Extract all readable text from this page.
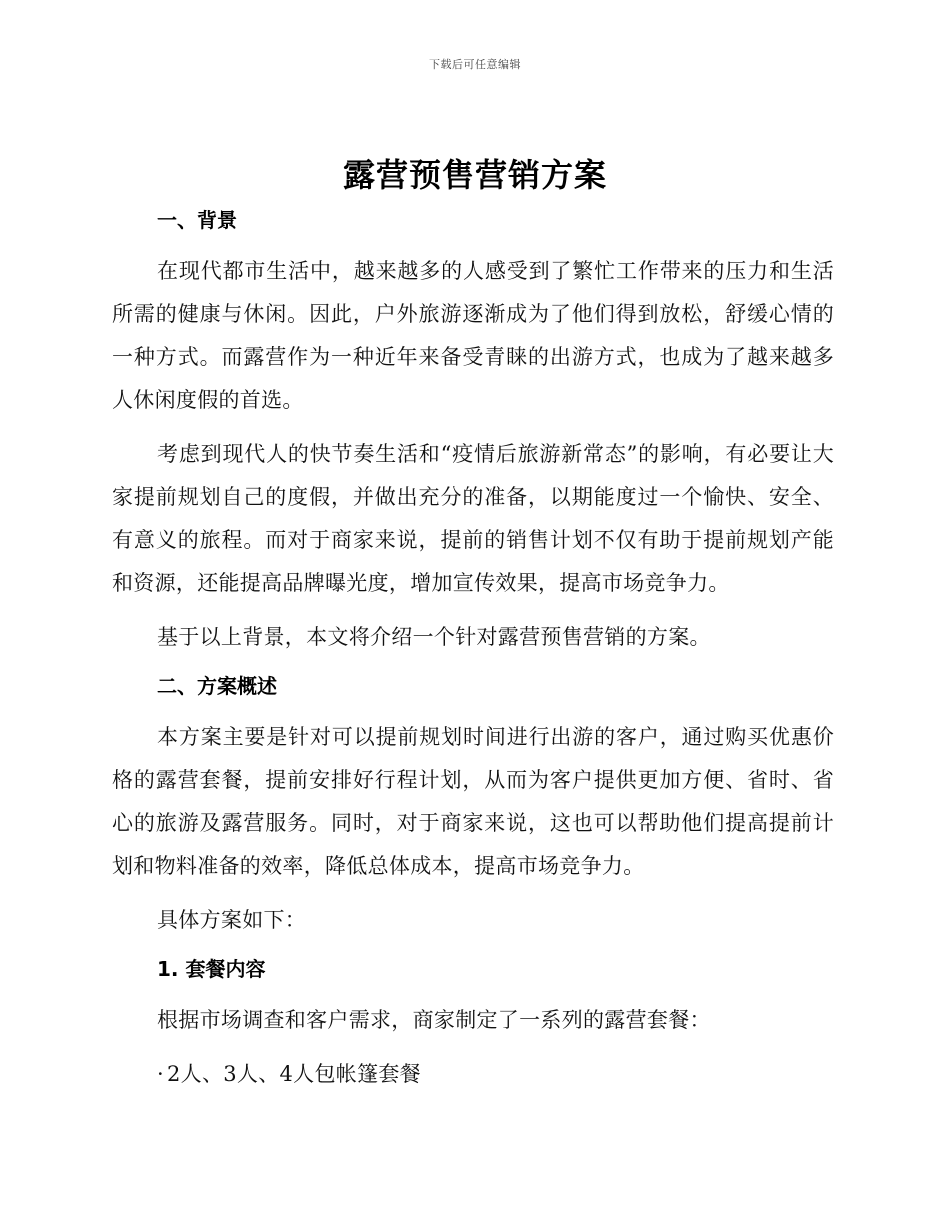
下载后可任意编辑
露营预售营销方案
一、背景

在现代都市生活中，越来越多的人感受到了繁忙工作带来的压力和生活所需的健康与休闲。因此，户外旅游逐渐成为了他们得到放松，舒缓心情的一种方式。而露营作为一种近年来备受青睐的出游方式，也成为了越来越多人休闲度假的首选。

考虑到现代人的快节奏生活和“疫情后旅游新常态”的影响，有必要让大家提前规划自己的度假，并做出充分的准备，以期能度过一个愉快、安全、有意义的旅程。而对于商家来说，提前的销售计划不仅有助于提前规划产能和资源，还能提高品牌曝光度，增加宣传效果，提高市场竞争力。

基于以上背景，本文将介绍一个针对露营预售营销的方案。

二、方案概述

本方案主要是针对可以提前规划时间进行出游的客户，通过购买优惠价格的露营套餐，提前安排好行程计划，从而为客户提供更加方便、省时、省心的旅游及露营服务。同时，对于商家来说，这也可以帮助他们提高提前计划和物料准备的效率，降低总体成本，提高市场竞争力。

具体方案如下：

1. 套餐内容

根据市场调查和客户需求，商家制定了一系列的露营套餐：

· 2人、3人、4人包帐篷套餐
